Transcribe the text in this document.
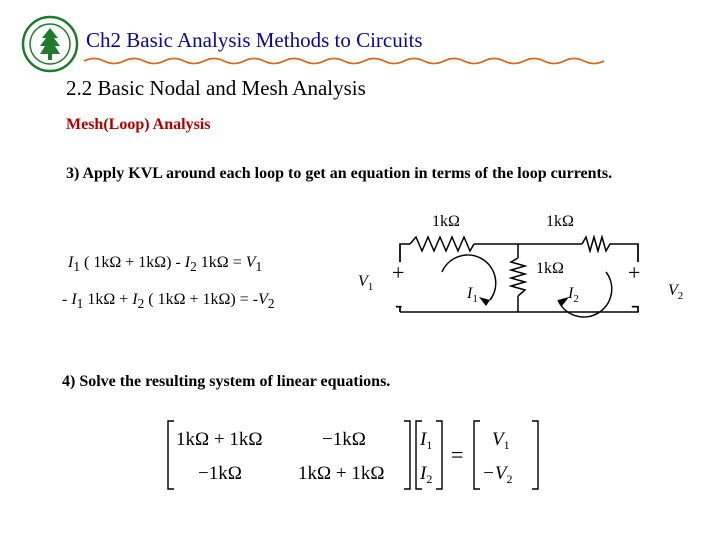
Ch2 Basic Analysis Methods to Circuits
2.2 Basic Nodal and Mesh Analysis
Mesh(Loop) Analysis
3) Apply KVL around each loop to get an equation in terms of the loop currents.
$I_1$ ( $1k\Omega + 1k\Omega) - I_2$ $1k\Omega = V_1$
- $I_1$ $1k\Omega + I_2$ ( $1k\Omega + 1k\Omega) = -V_2$
1kΩ	1kΩ
1kΩ
+
-
+
-
$V_1$	$V_2$
$I_1$	$I_2$
4) Solve the resulting system of linear equations.
1kΩ + 1kΩ	−1kΩ
−1kΩ	1kΩ + 1kΩ
$I_1$
$I_2$
=
$V_1$
$-V_2$
